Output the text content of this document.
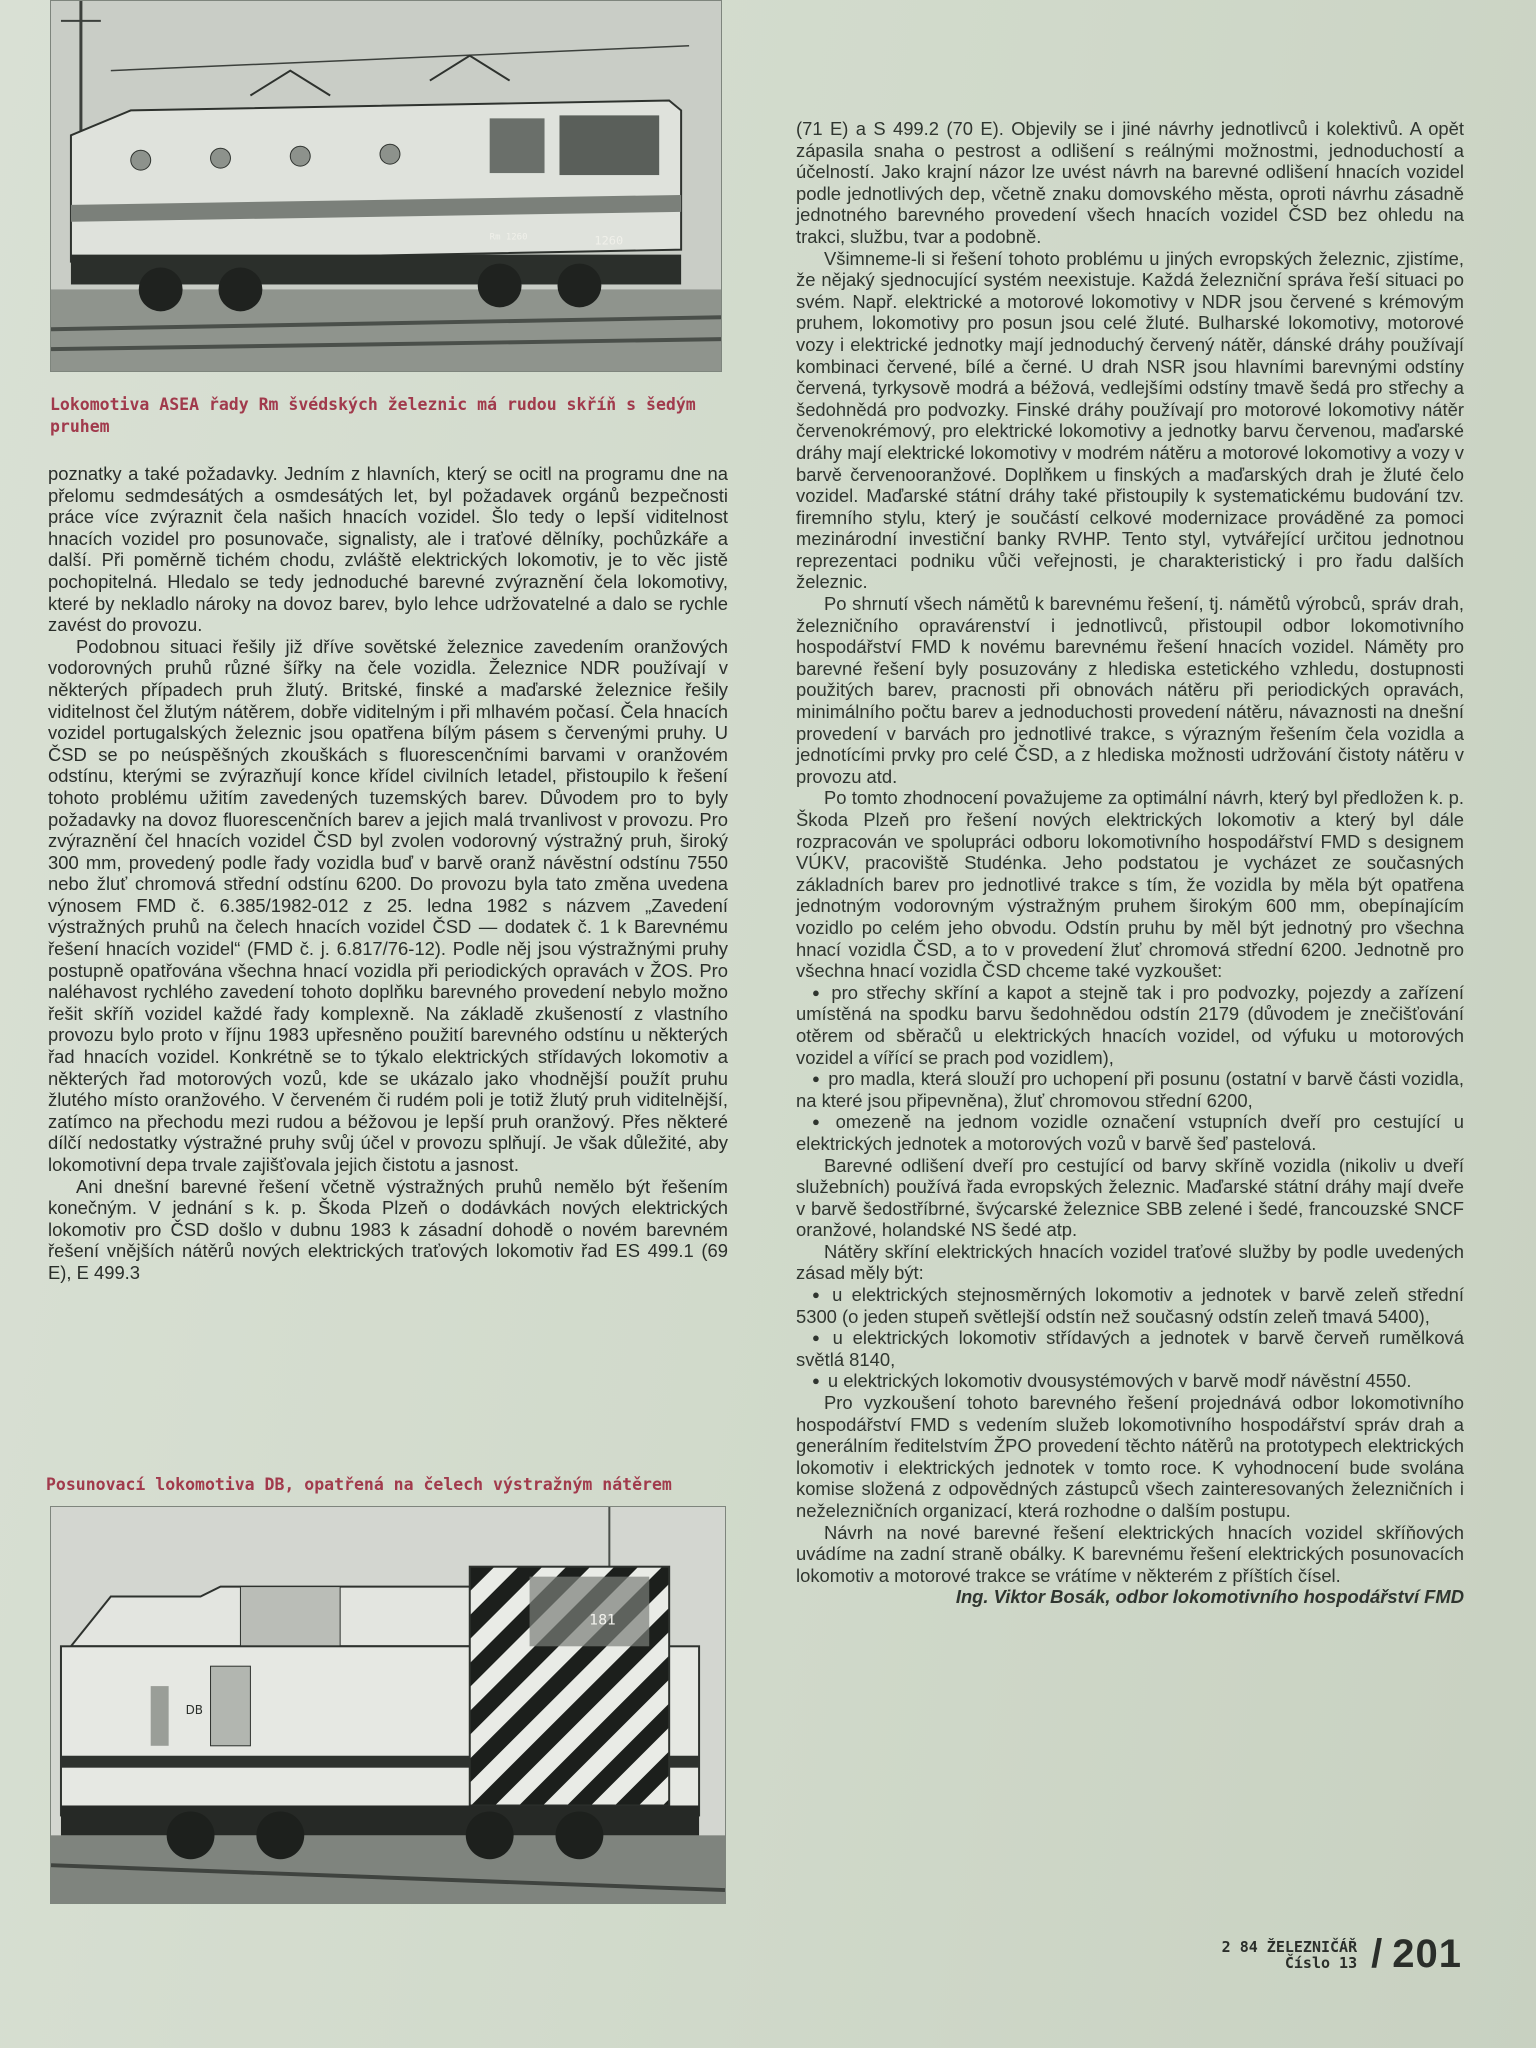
1260
Rm 1260
Lokomotiva ASEA řady Rm švédských železnic má rudou skříň s šedým pruhem

poznatky a také požadavky. Jedním z hlavních, který se ocitl na programu dne na přelomu sedmdesátých a osmdesátých let, byl požadavek orgánů bezpečnosti práce více zvýraznit čela našich hnacích vozidel. Šlo tedy o lepší viditelnost hnacích vozidel pro posunovače, signalisty, ale i traťové dělníky, pochůzkáře a další. Při poměrně tichém chodu, zvláště elektrických lokomotiv, je to věc jistě pochopitelná. Hledalo se tedy jednoduché barevné zvýraznění čela lokomotivy, které by nekladlo nároky na dovoz barev, bylo lehce udržovatelné a dalo se rychle zavést do provozu.

Podobnou situaci řešily již dříve sovětské železnice zavedením oranžových vodorovných pruhů různé šířky na čele vozidla. Železnice NDR používají v některých případech pruh žlutý. Britské, finské a maďarské železnice řešily viditelnost čel žlutým nátěrem, dobře viditelným i při mlhavém počasí. Čela hnacích vozidel portugalských železnic jsou opatřena bílým pásem s červenými pruhy. U ČSD se po neúspěšných zkouškách s fluorescenčními barvami v oranžovém odstínu, kterými se zvýrazňují konce křídel civilních letadel, přistoupilo k řešení tohoto problému užitím zavedených tuzemských barev. Důvodem pro to byly požadavky na dovoz fluorescenčních barev a jejich malá trvanlivost v provozu. Pro zvýraznění čel hnacích vozidel ČSD byl zvolen vodorovný výstražný pruh, široký 300 mm, provedený podle řady vozidla buď v barvě oranž návěstní odstínu 7550 nebo žluť chromová střední odstínu 6200. Do provozu byla tato změna uvedena výnosem FMD č. 6.385/1982-012 z 25. ledna 1982 s názvem „Zavedení výstražných pruhů na čelech hnacích vozidel ČSD — dodatek č. 1 k Barevnému řešení hnacích vozidel“ (FMD č. j. 6.817/76-12). Podle něj jsou výstražnými pruhy postupně opatřována všechna hnací vozidla při periodických opravách v ŽOS. Pro naléhavost rychlého zavedení tohoto doplňku barevného provedení nebylo možno řešit skříň vozidel každé řady komplexně. Na základě zkušeností z vlastního provozu bylo proto v říjnu 1983 upřesněno použití barevného odstínu u některých řad hnacích vozidel. Konkrétně se to týkalo elektrických střídavých lokomotiv a některých řad motorových vozů, kde se ukázalo jako vhodnější použít pruhu žlutého místo oranžového. V červeném či rudém poli je totiž žlutý pruh viditelnější, zatímco na přechodu mezi rudou a béžovou je lepší pruh oranžový. Přes některé dílčí nedostatky výstražné pruhy svůj účel v provozu splňují. Je však důležité, aby lokomotivní depa trvale zajišťovala jejich čistotu a jasnost.

Ani dnešní barevné řešení včetně výstražných pruhů nemělo být řešením konečným. V jednání s k. p. Škoda Plzeň o dodávkách nových elektrických lokomotiv pro ČSD došlo v dubnu 1983 k zásadní dohodě o novém barevném řešení vnějších nátěrů nových elektrických traťových lokomotiv řad ES 499.1 (69 E), E 499.3

Posunovací lokomotiva DB, opatřená na čelech výstražným nátěrem
181
DB

(71 E) a S 499.2 (70 E). Objevily se i jiné návrhy jednotlivců i kolektivů. A opět zápasila snaha o pestrost a odlišení s reálnými možnostmi, jednoduchostí a účelností. Jako krajní názor lze uvést návrh na barevné odlišení hnacích vozidel podle jednotlivých dep, včetně znaku domovského města, oproti návrhu zásadně jednotného barevného provedení všech hnacích vozidel ČSD bez ohledu na trakci, službu, tvar a podobně.

Všimneme-li si řešení tohoto problému u jiných evropských železnic, zjistíme, že nějaký sjednocující systém neexistuje. Každá železniční správa řeší situaci po svém. Např. elektrické a motorové lokomotivy v NDR jsou červené s krémovým pruhem, lokomotivy pro posun jsou celé žluté. Bulharské lokomotivy, motorové vozy i elektrické jednotky mají jednoduchý červený nátěr, dánské dráhy používají kombinaci červené, bílé a černé. U drah NSR jsou hlavními barevnými odstíny červená, tyrkysově modrá a béžová, vedlejšími odstíny tmavě šedá pro střechy a šedohnědá pro podvozky. Finské dráhy používají pro motorové lokomotivy nátěr červenokrémový, pro elektrické lokomotivy a jednotky barvu červenou, maďarské dráhy mají elektrické lokomotivy v modrém nátěru a motorové lokomotivy a vozy v barvě červenooranžové. Doplňkem u finských a maďarských drah je žluté čelo vozidel. Maďarské státní dráhy také přistoupily k systematickému budování tzv. firemního stylu, který je součástí celkové modernizace prováděné za pomoci mezinárodní investiční banky RVHP. Tento styl, vytvářející určitou jednotnou reprezentaci podniku vůči veřejnosti, je charakteristický i pro řadu dalších železnic.

Po shrnutí všech námětů k barevnému řešení, tj. námětů výrobců, správ drah, železničního opravárenství i jednotlivců, přistoupil odbor lokomotivního hospodářství FMD k novému barevnému řešení hnacích vozidel. Náměty pro barevné řešení byly posuzovány z hlediska estetického vzhledu, dostupnosti použitých barev, pracnosti při obnovách nátěru při periodických opravách, minimálního počtu barev a jednoduchosti provedení nátěru, návaznosti na dnešní provedení v barvách pro jednotlivé trakce, s výrazným řešením čela vozidla a jednotícími prvky pro celé ČSD, a z hlediska možnosti udržování čistoty nátěru v provozu atd.

Po tomto zhodnocení považujeme za optimální návrh, který byl předložen k. p. Škoda Plzeň pro řešení nových elektrických lokomotiv a který byl dále rozpracován ve spolupráci odboru lokomotivního hospodářství FMD s designem VÚKV, pracoviště Studénka. Jeho podstatou je vycházet ze současných základních barev pro jednotlivé trakce s tím, že vozidla by měla být opatřena jednotným vodorovným výstražným pruhem širokým 600 mm, obepínajícím vozidlo po celém jeho obvodu. Odstín pruhu by měl být jednotný pro všechna hnací vozidla ČSD, a to v provedení žluť chromová střední 6200. Jednotně pro všechna hnací vozidla ČSD chceme také vyzkoušet:

● pro střechy skříní a kapot a stejně tak i pro podvozky, pojezdy a zařízení umístěná na spodku barvu šedohnědou odstín 2179 (důvodem je znečišťování otěrem od sběračů u elektrických hnacích vozidel, od výfuku u motorových vozidel a vířící se prach pod vozidlem),

● pro madla, která slouží pro uchopení při posunu (ostatní v barvě části vozidla, na které jsou připevněna), žluť chromovou střední 6200,

● omezeně na jednom vozidle označení vstupních dveří pro cestující u elektrických jednotek a motorových vozů v barvě šeď pastelová.

Barevné odlišení dveří pro cestující od barvy skříně vozidla (nikoliv u dveří služebních) používá řada evropských železnic. Maďarské státní dráhy mají dveře v barvě šedostříbrné, švýcarské železnice SBB zelené i šedé, francouzské SNCF oranžové, holandské NS šedé atp.

Nátěry skříní elektrických hnacích vozidel traťové služby by podle uvedených zásad měly být:

● u elektrických stejnosměrných lokomotiv a jednotek v barvě zeleň střední 5300 (o jeden stupeň světlejší odstín než současný odstín zeleň tmavá 5400),

● u elektrických lokomotiv střídavých a jednotek v barvě červeň rumělková světlá 8140,

● u elektrických lokomotiv dvousystémových v barvě modř návěstní 4550.

Pro vyzkoušení tohoto barevného řešení projednává odbor lokomotivního hospodářství FMD s vedením služeb lokomotivního hospodářství správ drah a generálním ředitelstvím ŽPO provedení těchto nátěrů na prototypech elektrických lokomotiv i elektrických jednotek v tomto roce. K vyhodnocení bude svolána komise složená z odpovědných zástupců všech zainteresovaných železničních i neželezničních organizací, která rozhodne o dalším postupu.

Návrh na nové barevné řešení elektrických hnacích vozidel skříňových uvádíme na zadní straně obálky. K barevnému řešení elektrických posunovacích lokomotiv a motorové trakce se vrátíme v některém z příštích čísel.

Ing. Viktor Bosák, odbor lokomotivního hospodářství FMD

2 84 ŽELEZNIČÁŘ
Číslo 13 / 201
